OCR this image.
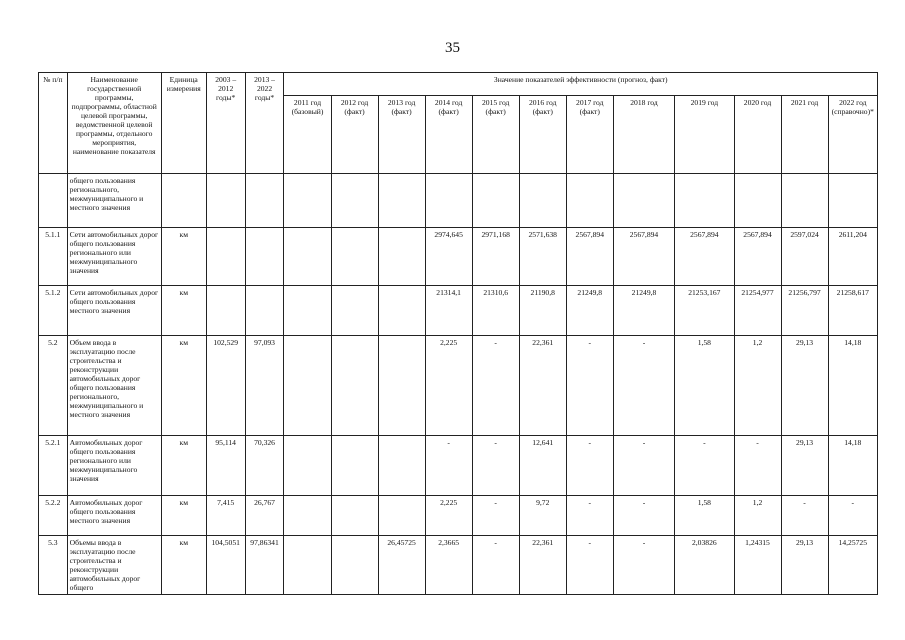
35
№ п/п	Наименование государственной программы, подпрограммы, областной целевой программы, ведомственной целевой программы, отдельного мероприятия, наименование показателя	Единица измерения	2003 – 2012 годы*	2013 – 2022 годы*	Значение показателей эффективности (прогноз, факт)											
					2011 год (базовый)	2012 год (факт)	2013 год (факт)	2014 год (факт)	2015 год (факт)	2016 год (факт)	2017 год (факт)	2018 год	2019 год	2020 год	2021 год	2022 год (справочно)*
	общего пользования регионального, межмуниципального и местного значения															
5.1.1	Сети автомобильных дорог общего пользования регионального или межмуниципального значения	км						2974,645	2971,168	2571,638	2567,894	2567,894	2567,894	2567,894	2597,024	2611,204
5.1.2	Сети автомобильных дорог общего пользования местного значения	км						21314,1	21310,6	21190,8	21249,8	21249,8	21253,167	21254,977	21256,797	21258,617
5.2	Объем ввода в эксплуатацию после строительства и реконструкции автомобильных дорог общего пользования регионального, межмуниципального и местного значения	км	102,529	97,093				2,225	-	22,361	-	-	1,58	1,2	29,13	14,18
5.2.1	Автомобильных дорог общего пользования регионального или межмуниципального значения	км	95,114	70,326				-	-	12,641	-	-	-	-	29,13	14,18
5.2.2	Автомобильных дорог общего пользования местного значения	км	7,415	26,767				2,225	-	9,72	-	-	1,58	1,2	-	-
5.3	Объемы ввода в эксплуатацию после строительства и реконструкции автомобильных дорог общего	км	104,5051	97,86341			26,45725	2,3665	-	22,361	-	-	2,03826	1,24315	29,13	14,25725
